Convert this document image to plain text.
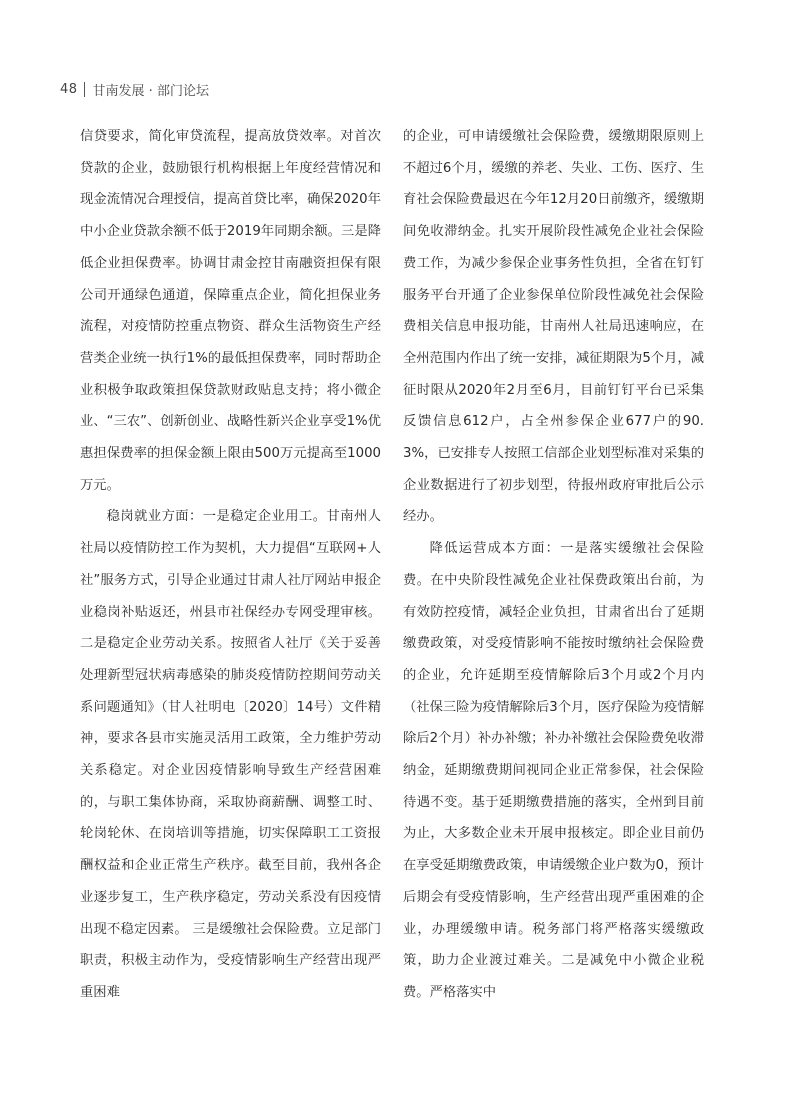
48 甘南发展 · 部门论坛

信贷要求，简化审贷流程，提高放贷效率。对首次贷款的企业，鼓励银行机构根据上年度经营情况和现金流情况合理授信，提高首贷比率，确保2020年中小企业贷款余额不低于2019年同期余额。三是降低企业担保费率。协调甘肃金控甘南融资担保有限公司开通绿色通道，保障重点企业，简化担保业务流程，对疫情防控重点物资、群众生活物资生产经营类企业统一执行1%的最低担保费率，同时帮助企业积极争取政策担保贷款财政贴息支持；将小微企业、“三农”、创新创业、战略性新兴企业享受1%优惠担保费率的担保金额上限由500万元提高至1000万元。

稳岗就业方面：一是稳定企业用工。甘南州人社局以疫情防控工作为契机，大力提倡“互联网+人社”服务方式，引导企业通过甘肃人社厅网站申报企业稳岗补贴返还，州县市社保经办专网受理审核。二是稳定企业劳动关系。按照省人社厅《关于妥善处理新型冠状病毒感染的肺炎疫情防控期间劳动关系问题通知》（甘人社明电〔2020〕14号）文件精神，要求各县市实施灵活用工政策，全力维护劳动关系稳定。对企业因疫情影响导致生产经营困难的，与职工集体协商，采取协商薪酬、调整工时、轮岗轮休、在岗培训等措施，切实保障职工工资报酬权益和企业正常生产秩序。截至目前，我州各企业逐步复工，生产秩序稳定，劳动关系没有因疫情出现不稳定因素。 三是缓缴社会保险费。立足部门职责，积极主动作为，受疫情影响生产经营出现严重困难

的企业，可申请缓缴社会保险费，缓缴期限原则上不超过6个月，缓缴的养老、失业、工伤、医疗、生育社会保险费最迟在今年12月20日前缴齐，缓缴期间免收滞纳金。扎实开展阶段性减免企业社会保险费工作，为减少参保企业事务性负担，全省在钉钉服务平台开通了企业参保单位阶段性减免社会保险费相关信息申报功能，甘南州人社局迅速响应，在全州范围内作出了统一安排，减征期限为5个月，减征时限从2020年2月至6月，目前钉钉平台已采集反馈信息612户，占全州参保企业677户的90.3%，已安排专人按照工信部企业划型标准对采集的企业数据进行了初步划型，待报州政府审批后公示经办。

降低运营成本方面：一是落实缓缴社会保险费。在中央阶段性减免企业社保费政策出台前，为有效防控疫情，减轻企业负担，甘肃省出台了延期缴费政策，对受疫情影响不能按时缴纳社会保险费的企业，允许延期至疫情解除后3个月或2个月内（社保三险为疫情解除后3个月，医疗保险为疫情解除后2个月）补办补缴；补办补缴社会保险费免收滞纳金，延期缴费期间视同企业正常参保，社会保险待遇不变。基于延期缴费措施的落实，全州到目前为止，大多数企业未开展申报核定。即企业目前仍在享受延期缴费政策，申请缓缴企业户数为0，预计后期会有受疫情影响，生产经营出现严重困难的企业，办理缓缴申请。税务部门将严格落实缓缴政策，助力企业渡过难关。二是减免中小微企业税费。严格落实中
